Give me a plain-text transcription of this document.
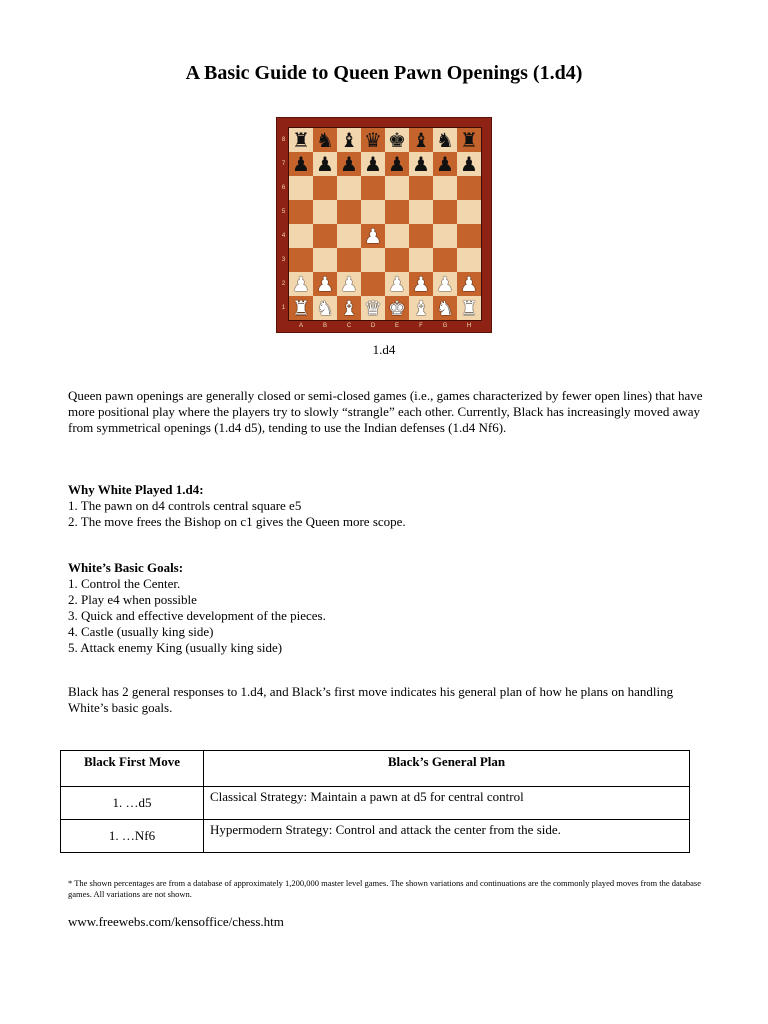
A Basic Guide to Queen Pawn Openings (1.d4)
♜ ♞ ♝ ♛ ♚ ♝ ♞ ♜
♟ ♟ ♟ ♟ ♟ ♟ ♟ ♟
♟
♟ ♟ ♟ ♟ ♟ ♟ ♟
♜ ♞ ♝ ♛ ♚ ♝ ♞ ♜
8
7
6
5
4
3
2
1
A	B	C	D	E	F	G	H
1.d4

Queen pawn openings are generally closed or semi-closed games (i.e., games characterized by fewer open lines) that have more positional play where the players try to slowly “strangle” each other. Currently, Black has increasingly moved away from symmetrical openings (1.d4 d5), tending to use the Indian defenses (1.d4 Nf6).

Why White Played 1.d4:
1. The pawn on d4 controls central square e5
2. The move frees the Bishop on c1 gives the Queen more scope.
White’s Basic Goals:
1. Control the Center.
2. Play e4 when possible
3. Quick and effective development of the pieces.
4. Castle (usually king side)
5. Attack enemy King (usually king side)

Black has 2 general responses to 1.d4, and Black’s first move indicates his general plan of how he plans on handling White’s basic goals.

Black First Move	Black’s General Plan
1. …d5	Classical Strategy: Maintain a pawn at d5 for central control
1. …Nf6	Hypermodern Strategy: Control and attack the center from the side.
* The shown percentages are from a database of approximately 1,200,000 master level games. The shown variations and continuations are the commonly played moves from the database games. All variations are not shown.
www.freewebs.com/kensoffice/chess.htm
